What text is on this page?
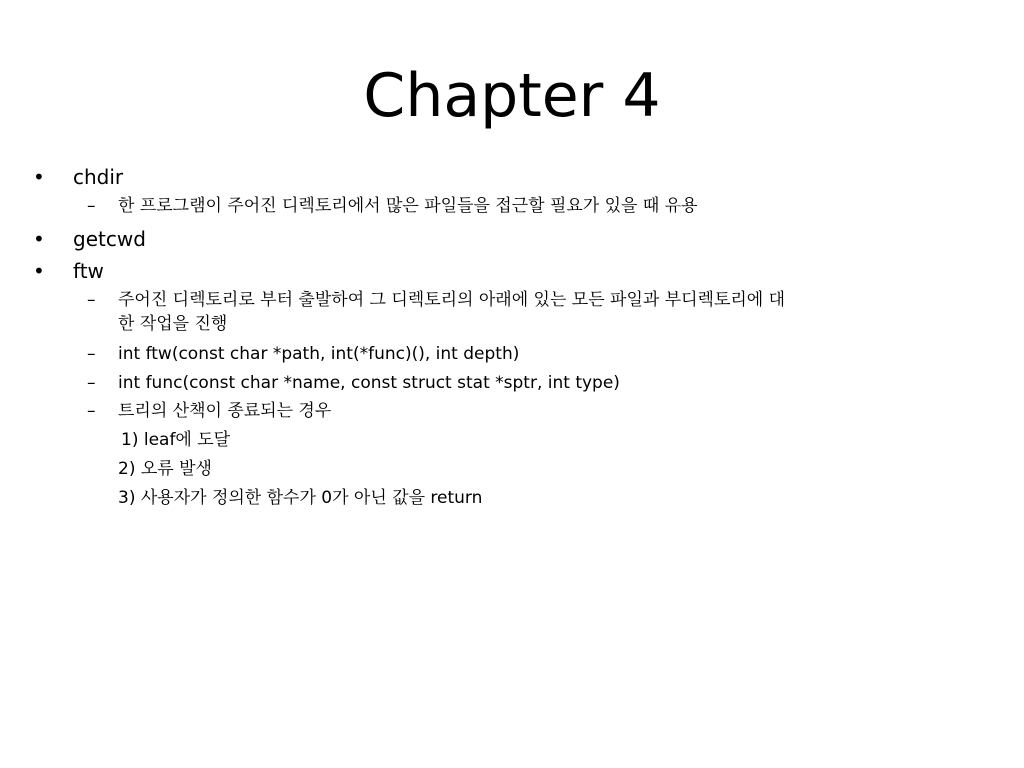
Chapter 4
• chdir
– 한 프로그램이 주어진 디렉토리에서 많은 파일들을 접근할 필요가 있을 때 유용
• getcwd
• ftw
– 주어진 디렉토리로 부터 출발하여 그 디렉토리의 아래에 있는 모든 파일과 부디렉토리에 대
한 작업을 진행
– int ftw(const char *path, int(*func)(), int depth)
– int func(const char *name, const struct stat *sptr, int type)
– 트리의 산책이 종료되는 경우
1) leaf에 도달
2) 오류 발생
3) 사용자가 정의한 함수가 0가 아닌 값을 return
